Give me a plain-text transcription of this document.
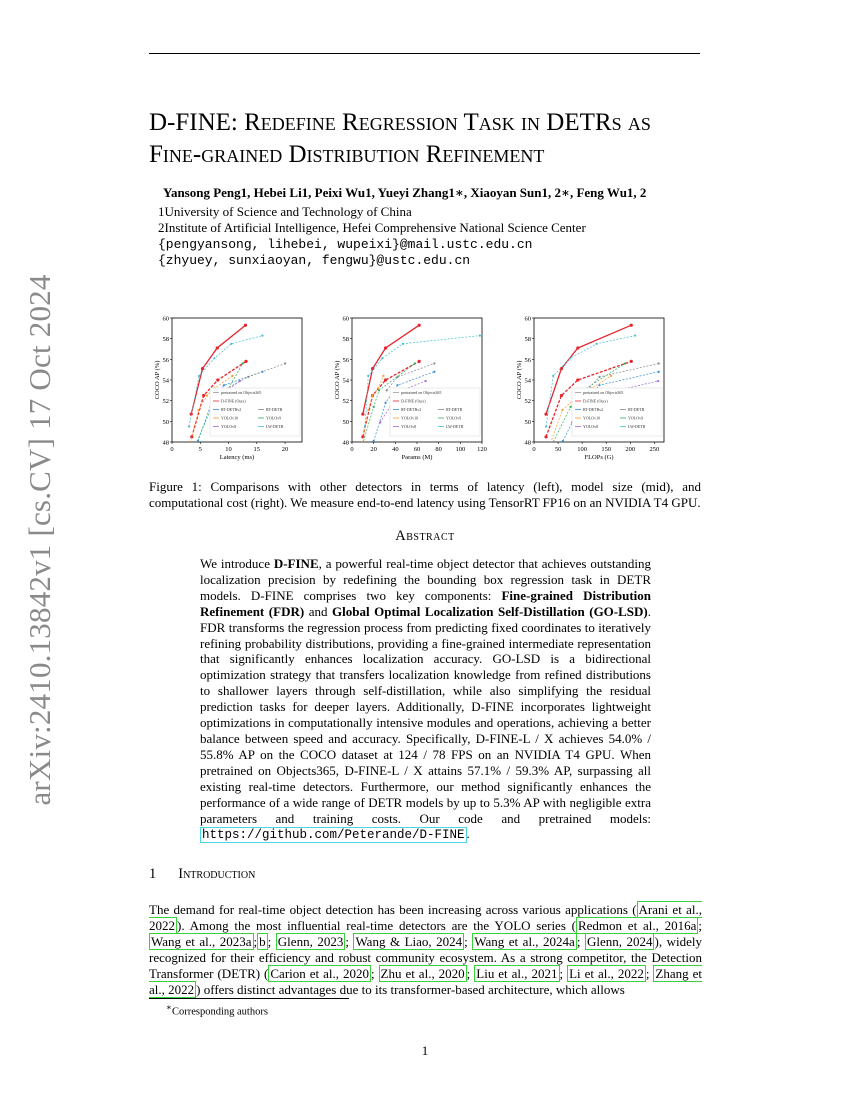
arXiv:2410.13842v1 [cs.CV] 17 Oct 2024
D-FINE: Redefine Regression Task in DETRs as
Fine-grained Distribution Refinement
Yansong Peng1, Hebei Li1, Peixi Wu1, Yueyi Zhang1∗, Xiaoyan Sun1, 2∗, Feng Wu1, 2
1University of Science and Technology of China
2Institute of Artificial Intelligence, Hefei Comprehensive National Science Center
{pengyansong, lihebei, wupeixi}@mail.ustc.edu.cn
{zhyuey, sunxiaoyan, fengwu}@ustc.edu.cn
48
50
52
54
56
58
60
0	5	10	15	20
Latency (ms)
COCO AP (%)	pretrained on Objects365
D-FINE (Ours)
RT-DETRv2	RT-DETR
YOLOv10	YOLOv9
YOLOv8	LW-DETR
48
50
52
54
56
58
60
0	20 40 60 80 100 120
Params (M)
COCO AP (%)	pretrained on Objects365
D-FINE (Ours)
RT-DETRv2	RT-DETR
YOLOv10	YOLOv9
YOLOv8	LW-DETR
48
50
52
54
56
58
60
0	50 100 150 200 250
FLOPs (G)
COCO AP (%)	pretrained on Objects365
D-FINE (Ours)
RT-DETRv2	RT-DETR
YOLOv10	YOLOv9
YOLOv8	LW-DETR
Figure 1: Comparisons with other detectors in terms of latency (left), model size (mid), and computational cost (right). We measure end-to-end latency using TensorRT FP16 on an NVIDIA T4 GPU.
Abstract
We introduce D-FINE, a powerful real-time object detector that achieves outstanding localization precision by redefining the bounding box regression task in DETR models. D-FINE comprises two key components: Fine-grained Distribution Refinement (FDR) and Global Optimal Localization Self-Distillation (GO-LSD). FDR transforms the regression process from predicting fixed coordinates to iteratively refining probability distributions, providing a fine-grained intermediate representation that significantly enhances localization accuracy. GO-LSD is a bidirectional optimization strategy that transfers localization knowledge from refined distributions to shallower layers through self-distillation, while also simplifying the residual prediction tasks for deeper layers. Additionally, D-FINE incorporates lightweight optimizations in computationally intensive modules and operations, achieving a better balance between speed and accuracy. Specifically, D-FINE-L / X achieves 54.0% / 55.8% AP on the COCO dataset at 124 / 78 FPS on an NVIDIA T4 GPU. When pretrained on Objects365, D-FINE-L / X attains 57.1% / 59.3% AP, surpassing all existing real-time detectors. Furthermore, our method significantly enhances the performance of a wide range of DETR models by up to 5.3% AP with negligible extra parameters and training costs. Our code and pretrained models: https://github.com/Peterande/D-FINE .
1 Introduction
The demand for real-time object detection has been increasing across various applications ( Arani et al., 2022 ). Among the most influential real-time detectors are the YOLO series ( Redmon et al., 2016a ; Wang et al., 2023a ; b ; Glenn, 2023 ; Wang & Liao, 2024 ; Wang et al., 2024a ; Glenn, 2024 ), widely recognized for their efficiency and robust community ecosystem. As a strong competitor, the Detection Transformer (DETR) ( Carion et al., 2020 ; Zhu et al., 2020 ; Liu et al., 2021 ; Li et al., 2022 ; Zhang et al., 2022 ) offers distinct advantages due to its transformer-based architecture, which allows
∗Corresponding authors
1
